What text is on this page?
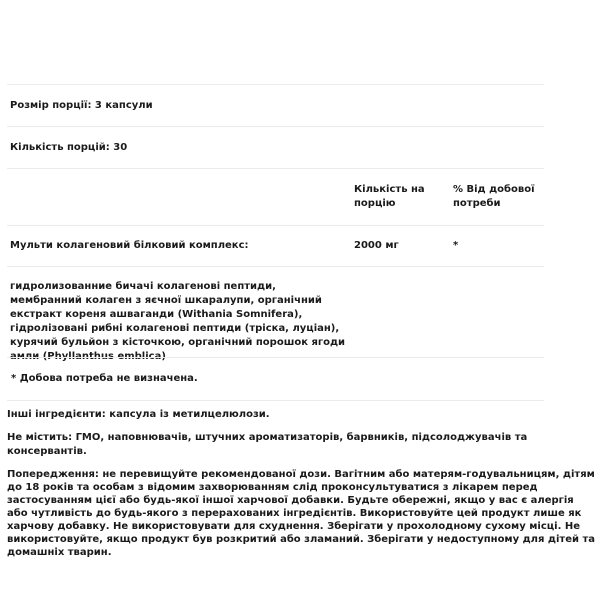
Розмір порції: 3 капсули
Кількість порцій: 30
Кількість на порцію
% Від добової потреби
Мульти колагеновий білковий комплекс:	2000 мг	*
гидролизованние бичачі колагенові пептиди, мембранний колаген з яєчної шкаралупи, органічний екстракт кореня ашваганди (Withania Somnifera), гідролізовані рибні колагенові пептиди (тріска, луціан), курячий бульйон з кісточкою, органічний порошок ягоди амли (Phyllanthus emblica)
* Добова потреба не визначена.

Інші інгредієнти: капсула із метилцелюлози.

Не містить: ГМО, наповнювачів, штучних ароматизаторів, барвників, підсолоджувачів та консервантів.

Попередження: не перевищуйте рекомендованої дози. Вагітним або матерям-годувальницям, дітям до 18 років та особам з відомим захворюванням слід проконсультуватися з лікарем перед застосуванням цієї або будь-якої іншої харчової добавки. Будьте обережні, якщо у вас є алергія або чутливість до будь-якого з перерахованих інгредієнтів. Використовуйте цей продукт лише як харчову добавку. Не використовувати для схуднення. Зберігати у прохолодному сухому місці. Не використовуйте, якщо продукт був розкритий або зламаний. Зберігати у недоступному для дітей та домашніх тварин.
